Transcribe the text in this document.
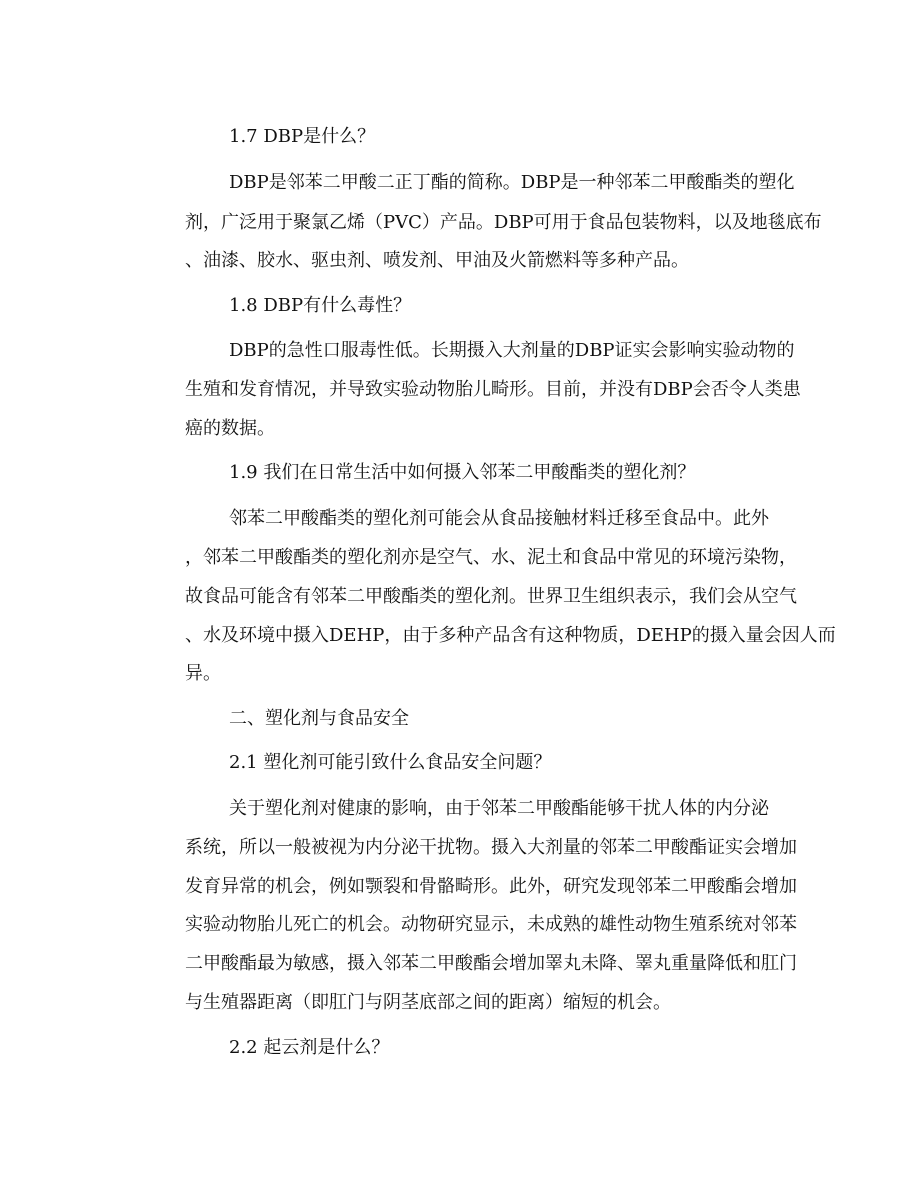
1.7 DBP是什么？
DBP是邻苯二甲酸二正丁酯的简称。DBP是一种邻苯二甲酸酯类的塑化
剂，广泛用于聚氯乙烯（PVC）产品。DBP可用于食品包装物料，以及地毯底布
、油漆、胶水、驱虫剂、喷发剂、甲油及火箭燃料等多种产品。
1.8 DBP有什么毒性？
DBP的急性口服毒性低。长期摄入大剂量的DBP证实会影响实验动物的
生殖和发育情况，并导致实验动物胎儿畸形。目前，并没有DBP会否令人类患
癌的数据。
1.9 我们在日常生活中如何摄入邻苯二甲酸酯类的塑化剂？
邻苯二甲酸酯类的塑化剂可能会从食品接触材料迁移至食品中。此外
，邻苯二甲酸酯类的塑化剂亦是空气、水、泥土和食品中常见的环境污染物，
故食品可能含有邻苯二甲酸酯类的塑化剂。世界卫生组织表示，我们会从空气
、水及环境中摄入DEHP，由于多种产品含有这种物质，DEHP的摄入量会因人而
异。
二、塑化剂与食品安全
2.1 塑化剂可能引致什么食品安全问题？
关于塑化剂对健康的影响，由于邻苯二甲酸酯能够干扰人体的内分泌
系统，所以一般被视为内分泌干扰物。摄入大剂量的邻苯二甲酸酯证实会增加
发育异常的机会，例如颚裂和骨骼畸形。此外，研究发现邻苯二甲酸酯会增加
实验动物胎儿死亡的机会。动物研究显示，未成熟的雄性动物生殖系统对邻苯
二甲酸酯最为敏感，摄入邻苯二甲酸酯会增加睪丸未降、睪丸重量降低和肛门
与生殖器距离（即肛门与阴茎底部之间的距离）缩短的机会。
2.2 起云剂是什么？
